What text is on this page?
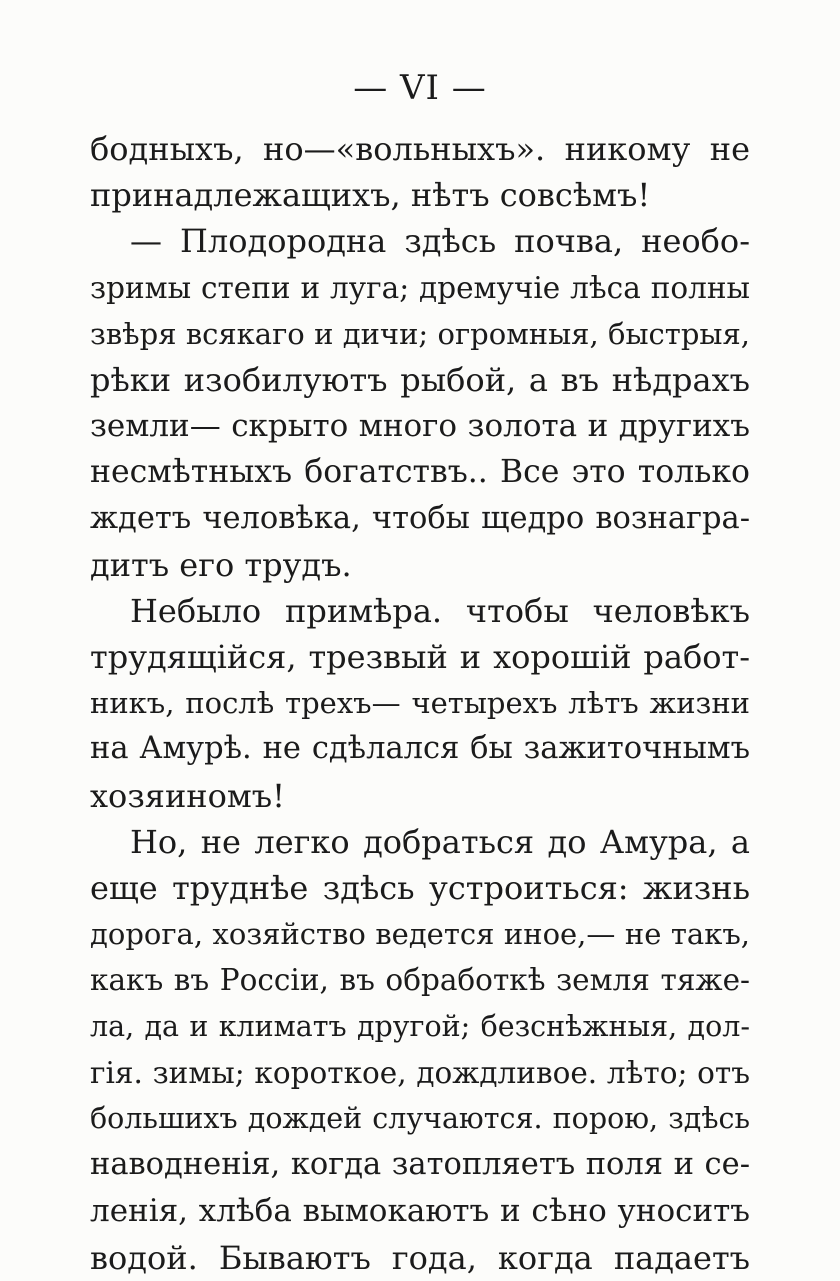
— VI —
бодныхъ, но—«вольныхъ». никому не
принадлежащихъ, нѣтъ совсѣмъ!
— Плодородна здѣсь почва, необо-
зримы степи и луга; дремучіе лѣса полны
звѣря всякаго и дичи; огромныя, быстрыя,
рѣки изобилуютъ рыбой, а въ нѣдрахъ
земли— скрыто много золота и другихъ
несмѣтныхъ богатствъ.. Все это только
ждетъ человѣка, чтобы щедро вознагра-
дитъ его трудъ.
Небыло примѣра. чтобы человѣкъ
трудящійся, трезвый и хорошій работ-
никъ, послѣ трехъ— четырехъ лѣтъ жизни
на Амурѣ. не сдѣлался бы зажиточнымъ
хозяиномъ!
Но, не легко добраться до Амура, а
еще труднѣе здѣсь устроиться: жизнь
дорога, хозяйство ведется иное,— не такъ,
какъ въ Россіи, въ обработкѣ земля тяже-
ла, да и климатъ другой; безснѣжныя, дол-
гія. зимы; короткое, дождливое. лѣто; отъ
большихъ дождей случаются. порою, здѣсь
наводненія, когда затопляетъ поля и се-
ленія, хлѣба вымокаютъ и сѣно уноситъ
водой. Бываютъ года, когда падаетъ
